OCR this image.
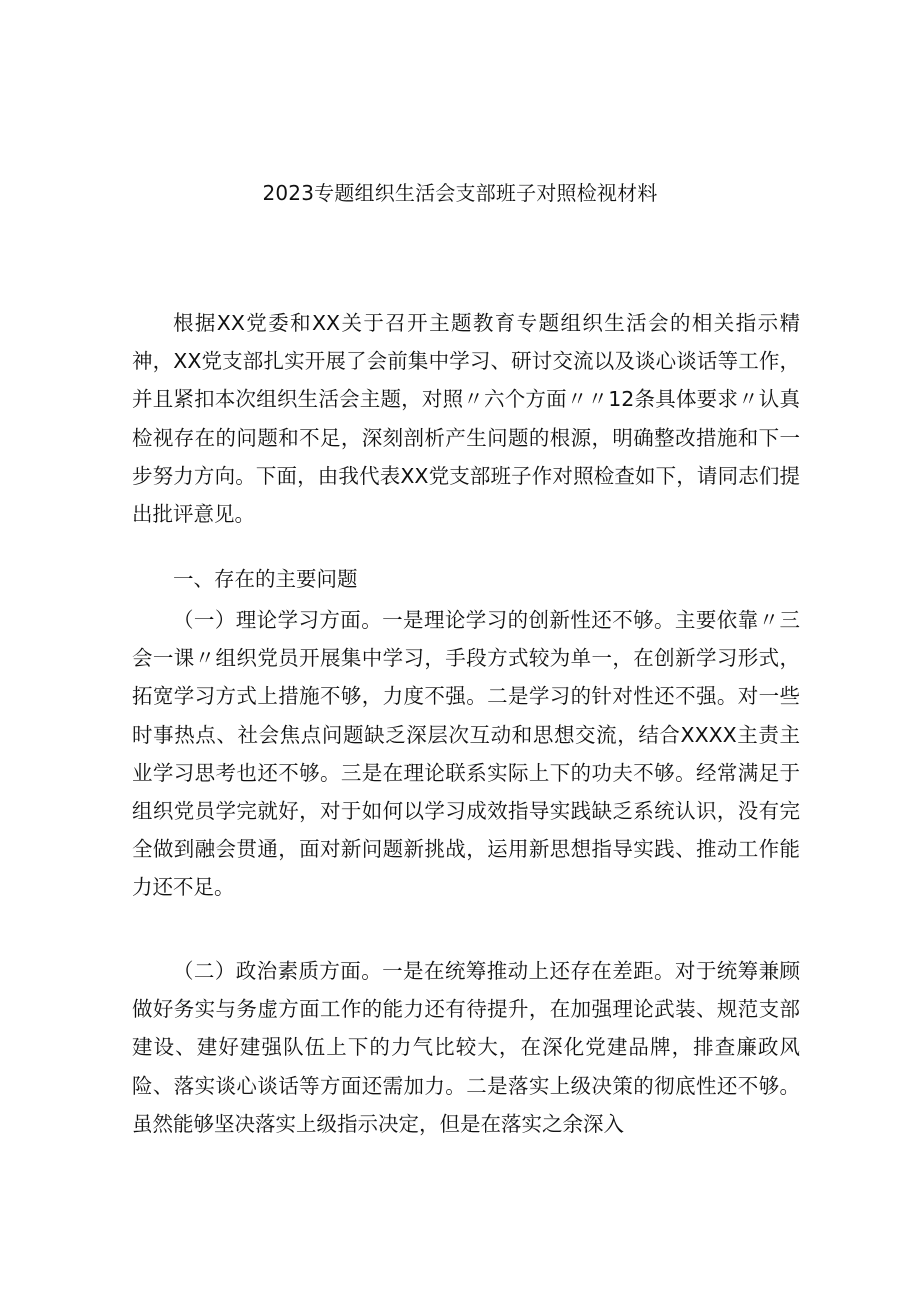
2023专题组织生活会支部班子对照检视材料

根据XX党委和XX关于召开主题教育专题组织生活会的相关指示精神，XX党支部扎实开展了会前集中学习、研讨交流以及谈心谈话等工作，并且紧扣本次组织生活会主题，对照〃六个方面〃〃12条具体要求〃认真检视存在的问题和不足，深刻剖析产生问题的根源，明确整改措施和下一步努力方向。下面，由我代表XX党支部班子作对照检查如下，请同志们提出批评意见。

一、存在的主要问题

（一）理论学习方面。一是理论学习的创新性还不够。主要依靠〃三会一课〃组织党员开展集中学习，手段方式较为单一，在创新学习形式，拓宽学习方式上措施不够，力度不强。二是学习的针对性还不强。对一些时事热点、社会焦点问题缺乏深层次互动和思想交流，结合XXXX主责主业学习思考也还不够。三是在理论联系实际上下的功夫不够。经常满足于组织党员学完就好，对于如何以学习成效指导实践缺乏系统认识，没有完全做到融会贯通，面对新问题新挑战，运用新思想指导实践、推动工作能力还不足。

（二）政治素质方面。一是在统筹推动上还存在差距。对于统筹兼顾做好务实与务虚方面工作的能力还有待提升，在加强理论武装、规范支部建设、建好建强队伍上下的力气比较大，在深化党建品牌，排查廉政风险、落实谈心谈话等方面还需加力。二是落实上级决策的彻底性还不够。虽然能够坚决落实上级指示决定，但是在落实之余深入
